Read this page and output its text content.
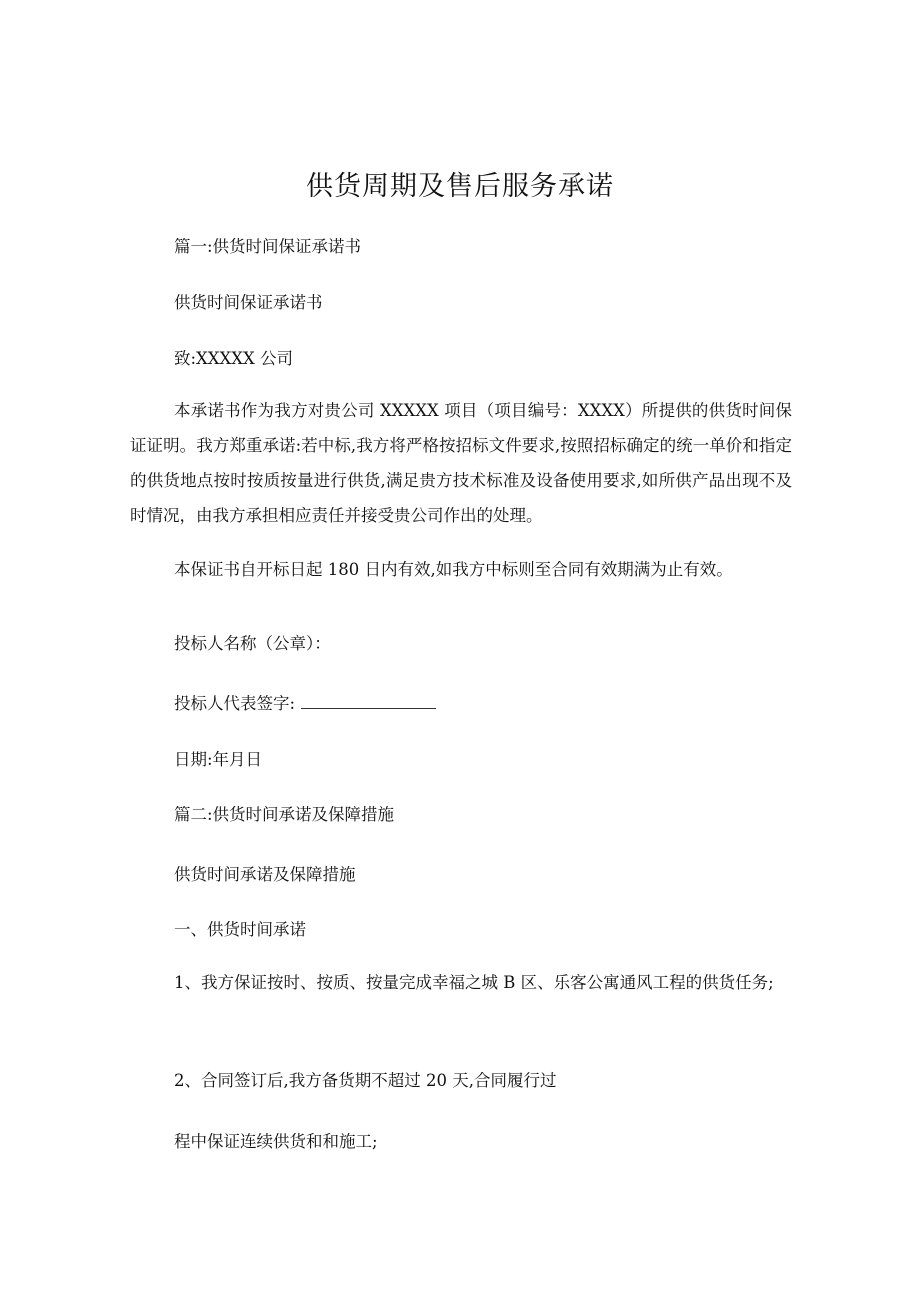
供货周期及售后服务承诺
篇一:供货时间保证承诺书
供货时间保证承诺书
致:XXXXX 公司
本承诺书作为我方对贵公司 XXXXX 项目（项目编号：XXXX）所提供的供货时间保证证明。我方郑重承诺:若中标,我方将严格按招标文件要求,按照招标确定的统一单价和指定的供货地点按时按质按量进行供货,满足贵方技术标准及设备使用要求,如所供产品出现不及时情况，由我方承担相应责任并接受贵公司作出的处理。
本保证书自开标日起 180 日内有效,如我方中标则至合同有效期满为止有效。
投标人名称（公章）：
投标人代表签字:
日期:年月日
篇二:供货时间承诺及保障措施
供货时间承诺及保障措施
一、供货时间承诺
1、我方保证按时、按质、按量完成幸福之城 B 区、乐客公寓通风工程的供货任务;
2、合同签订后,我方备货期不超过 20 天,合同履行过
程中保证连续供货和和施工;
